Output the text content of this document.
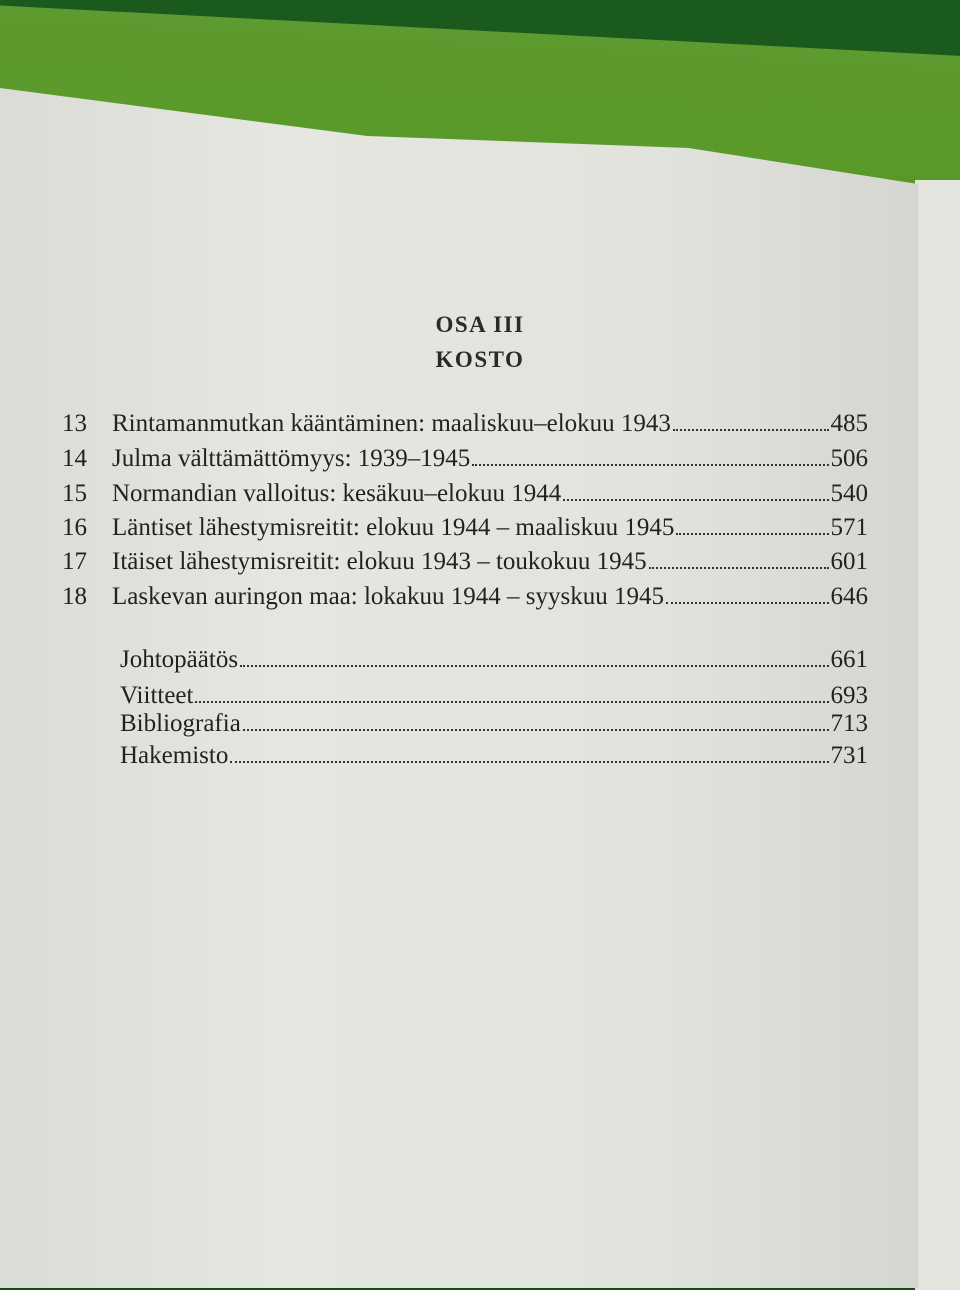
OSA III
KOSTO
13	Rintamanmutkan kääntäminen: maaliskuu–elokuu 1943	485
14	Julma välttämättömyys: 1939–1945	506
15	Normandian valloitus: kesäkuu–elokuu 1944	540
16	Läntiset lähestymisreitit: elokuu 1944 – maaliskuu 1945	571
17	Itäiset lähestymisreitit: elokuu 1943 – toukokuu 1945	601
18	Laskevan auringon maa: lokakuu 1944 – syyskuu 1945	646
Johtopäätös	661
Viitteet	693
Bibliografia	713
Hakemisto	731
